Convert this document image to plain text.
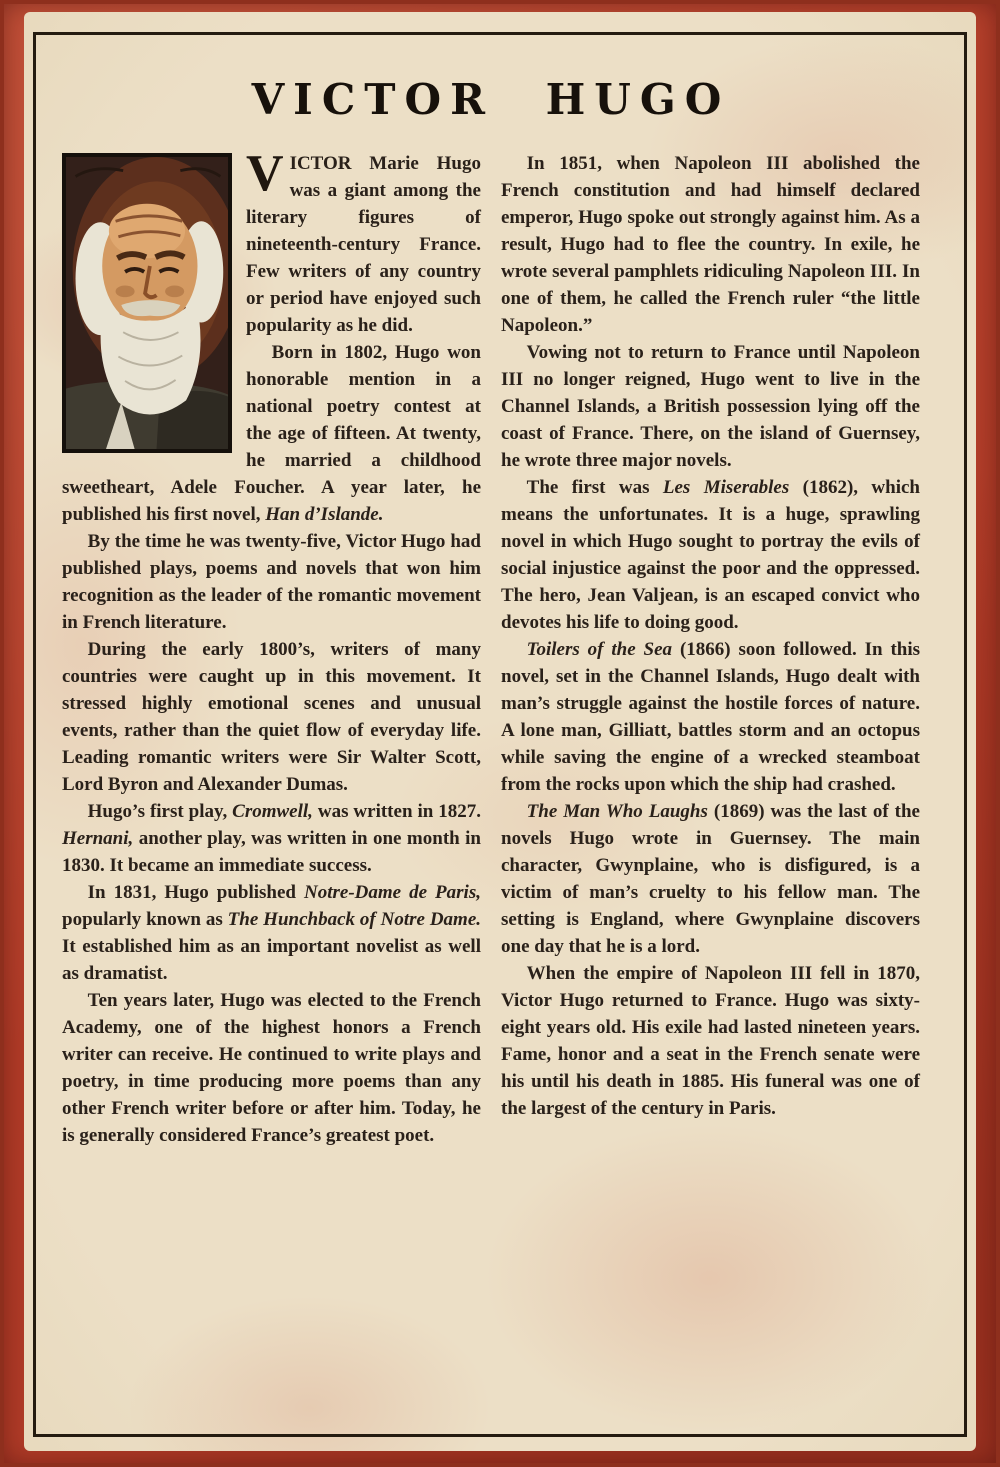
VICTOR HUGO

VICTOR Marie Hugo was a giant among the literary figures of nineteenth-century France. Few writers of any country or period have enjoyed such popularity as he did.

Born in 1802, Hugo won honorable mention in a national poetry contest at the age of fifteen. At twenty, he married a childhood sweetheart, Adele Foucher. A year later, he published his first novel, Han d’Islande.

By the time he was twenty-five, Victor Hugo had published plays, poems and novels that won him recognition as the leader of the romantic movement in French literature.

During the early 1800’s, writers of many countries were caught up in this movement. It stressed highly emotional scenes and unusual events, rather than the quiet flow of everyday life. Leading romantic writers were Sir Walter Scott, Lord Byron and Alexander Dumas.

Hugo’s first play, Cromwell, was written in 1827. Hernani, another play, was written in one month in 1830. It became an immediate success.

In 1831, Hugo published Notre-Dame de Paris, popularly known as The Hunchback of Notre Dame. It established him as an important novelist as well as dramatist.

Ten years later, Hugo was elected to the French Academy, one of the highest honors a French writer can receive. He continued to write plays and poetry, in time producing more poems than any other French writer before or after him. Today, he is generally considered France’s greatest poet.

In 1851, when Napoleon III abolished the French constitution and had himself declared emperor, Hugo spoke out strongly against him. As a result, Hugo had to flee the country. In exile, he wrote several pamphlets ridiculing Napoleon III. In one of them, he called the French ruler “the little Napoleon.”

Vowing not to return to France until Napoleon III no longer reigned, Hugo went to live in the Channel Islands, a British possession lying off the coast of France. There, on the island of Guernsey, he wrote three major novels.

The first was Les Miserables (1862), which means the unfortunates. It is a huge, sprawling novel in which Hugo sought to portray the evils of social injustice against the poor and the oppressed. The hero, Jean Valjean, is an escaped convict who devotes his life to doing good.

Toilers of the Sea (1866) soon followed. In this novel, set in the Channel Islands, Hugo dealt with man’s struggle against the hostile forces of nature. A lone man, Gilliatt, battles storm and an octopus while saving the engine of a wrecked steamboat from the rocks upon which the ship had crashed.

The Man Who Laughs (1869) was the last of the novels Hugo wrote in Guernsey. The main character, Gwynplaine, who is disfigured, is a victim of man’s cruelty to his fellow man. The setting is England, where Gwynplaine discovers one day that he is a lord.

When the empire of Napoleon III fell in 1870, Victor Hugo returned to France. Hugo was sixty-eight years old. His exile had lasted nineteen years. Fame, honor and a seat in the French senate were his until his death in 1885. His funeral was one of the largest of the century in Paris.
